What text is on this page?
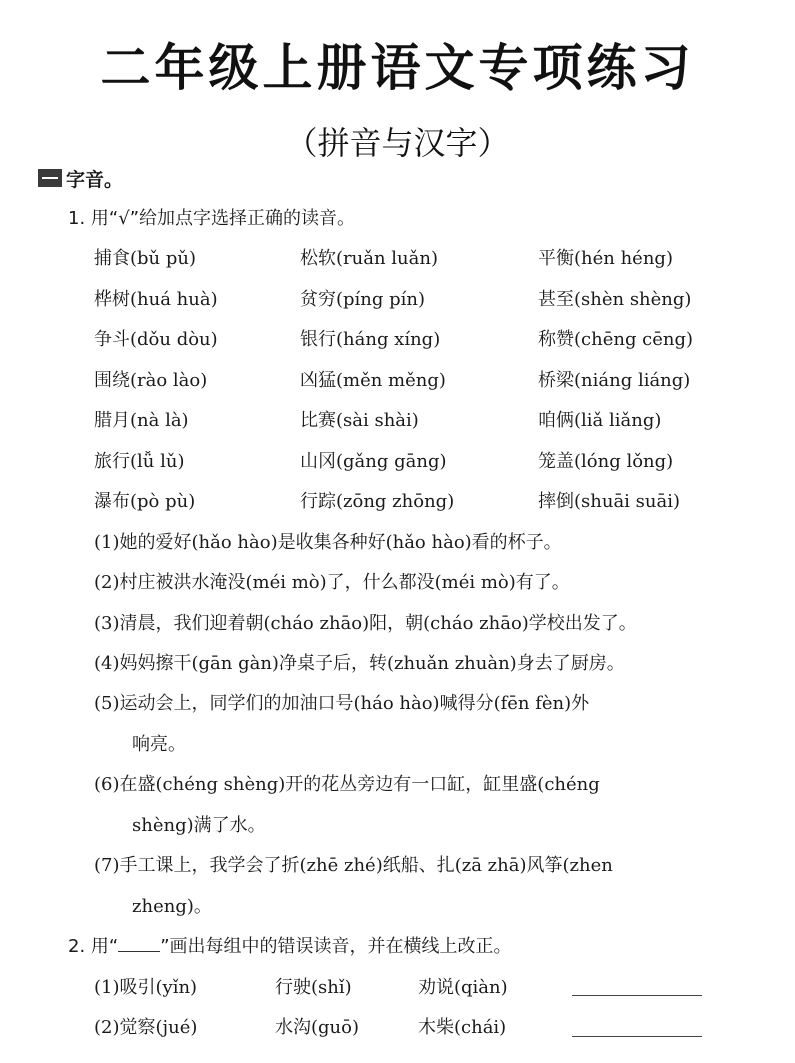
二年级上册语文专项练习
（拼音与汉字）
字音。
1. 用“√”给加点字选择正确的读音。
捕食(bǔ pǔ)	松软(ruǎn luǎn)	平衡(hén héng)
桦树(huá huà)	贫穷(píng pín)	甚至(shèn shèng)
争斗(dǒu dòu)	银行(háng xíng)	称赞(chēng cēng)
围绕(rào lào)	凶猛(měn měng)	桥梁(niáng liáng)
腊月(nà là)	比赛(sài shài)	咱俩(liǎ liǎng)
旅行(lǚ lǔ)	山冈(gǎng gāng)	笼盖(lóng lǒng)
瀑布(pò pù)	行踪(zōng zhōng)	摔倒(shuāi suāi)
(1)她的爱好(hǎo hào)是收集各种好(hǎo hào)看的杯子。
(2)村庄被洪水淹没(méi mò)了，什么都没(méi mò)有了。
(3)清晨，我们迎着朝(cháo zhāo)阳，朝(cháo zhāo)学校出发了。
(4)妈妈擦干(gān gàn)净桌子后，转(zhuǎn zhuàn)身去了厨房。
(5)运动会上，同学们的加油口号(háo hào)喊得分(fēn fèn)外
响亮。
(6)在盛(chéng shèng)开的花丛旁边有一口缸，缸里盛(chéng
shèng)满了水。
(7)手工课上，我学会了折(zhē zhé)纸船、扎(zā zhā)风筝(zhen
zheng)。
2. 用“ ”画出每组中的错误读音，并在横线上改正。
(1)吸引(yǐn)	行驶(shǐ)	劝说(qiàn)
(2)觉察(jué)	水沟(guō)	木柴(chái)
